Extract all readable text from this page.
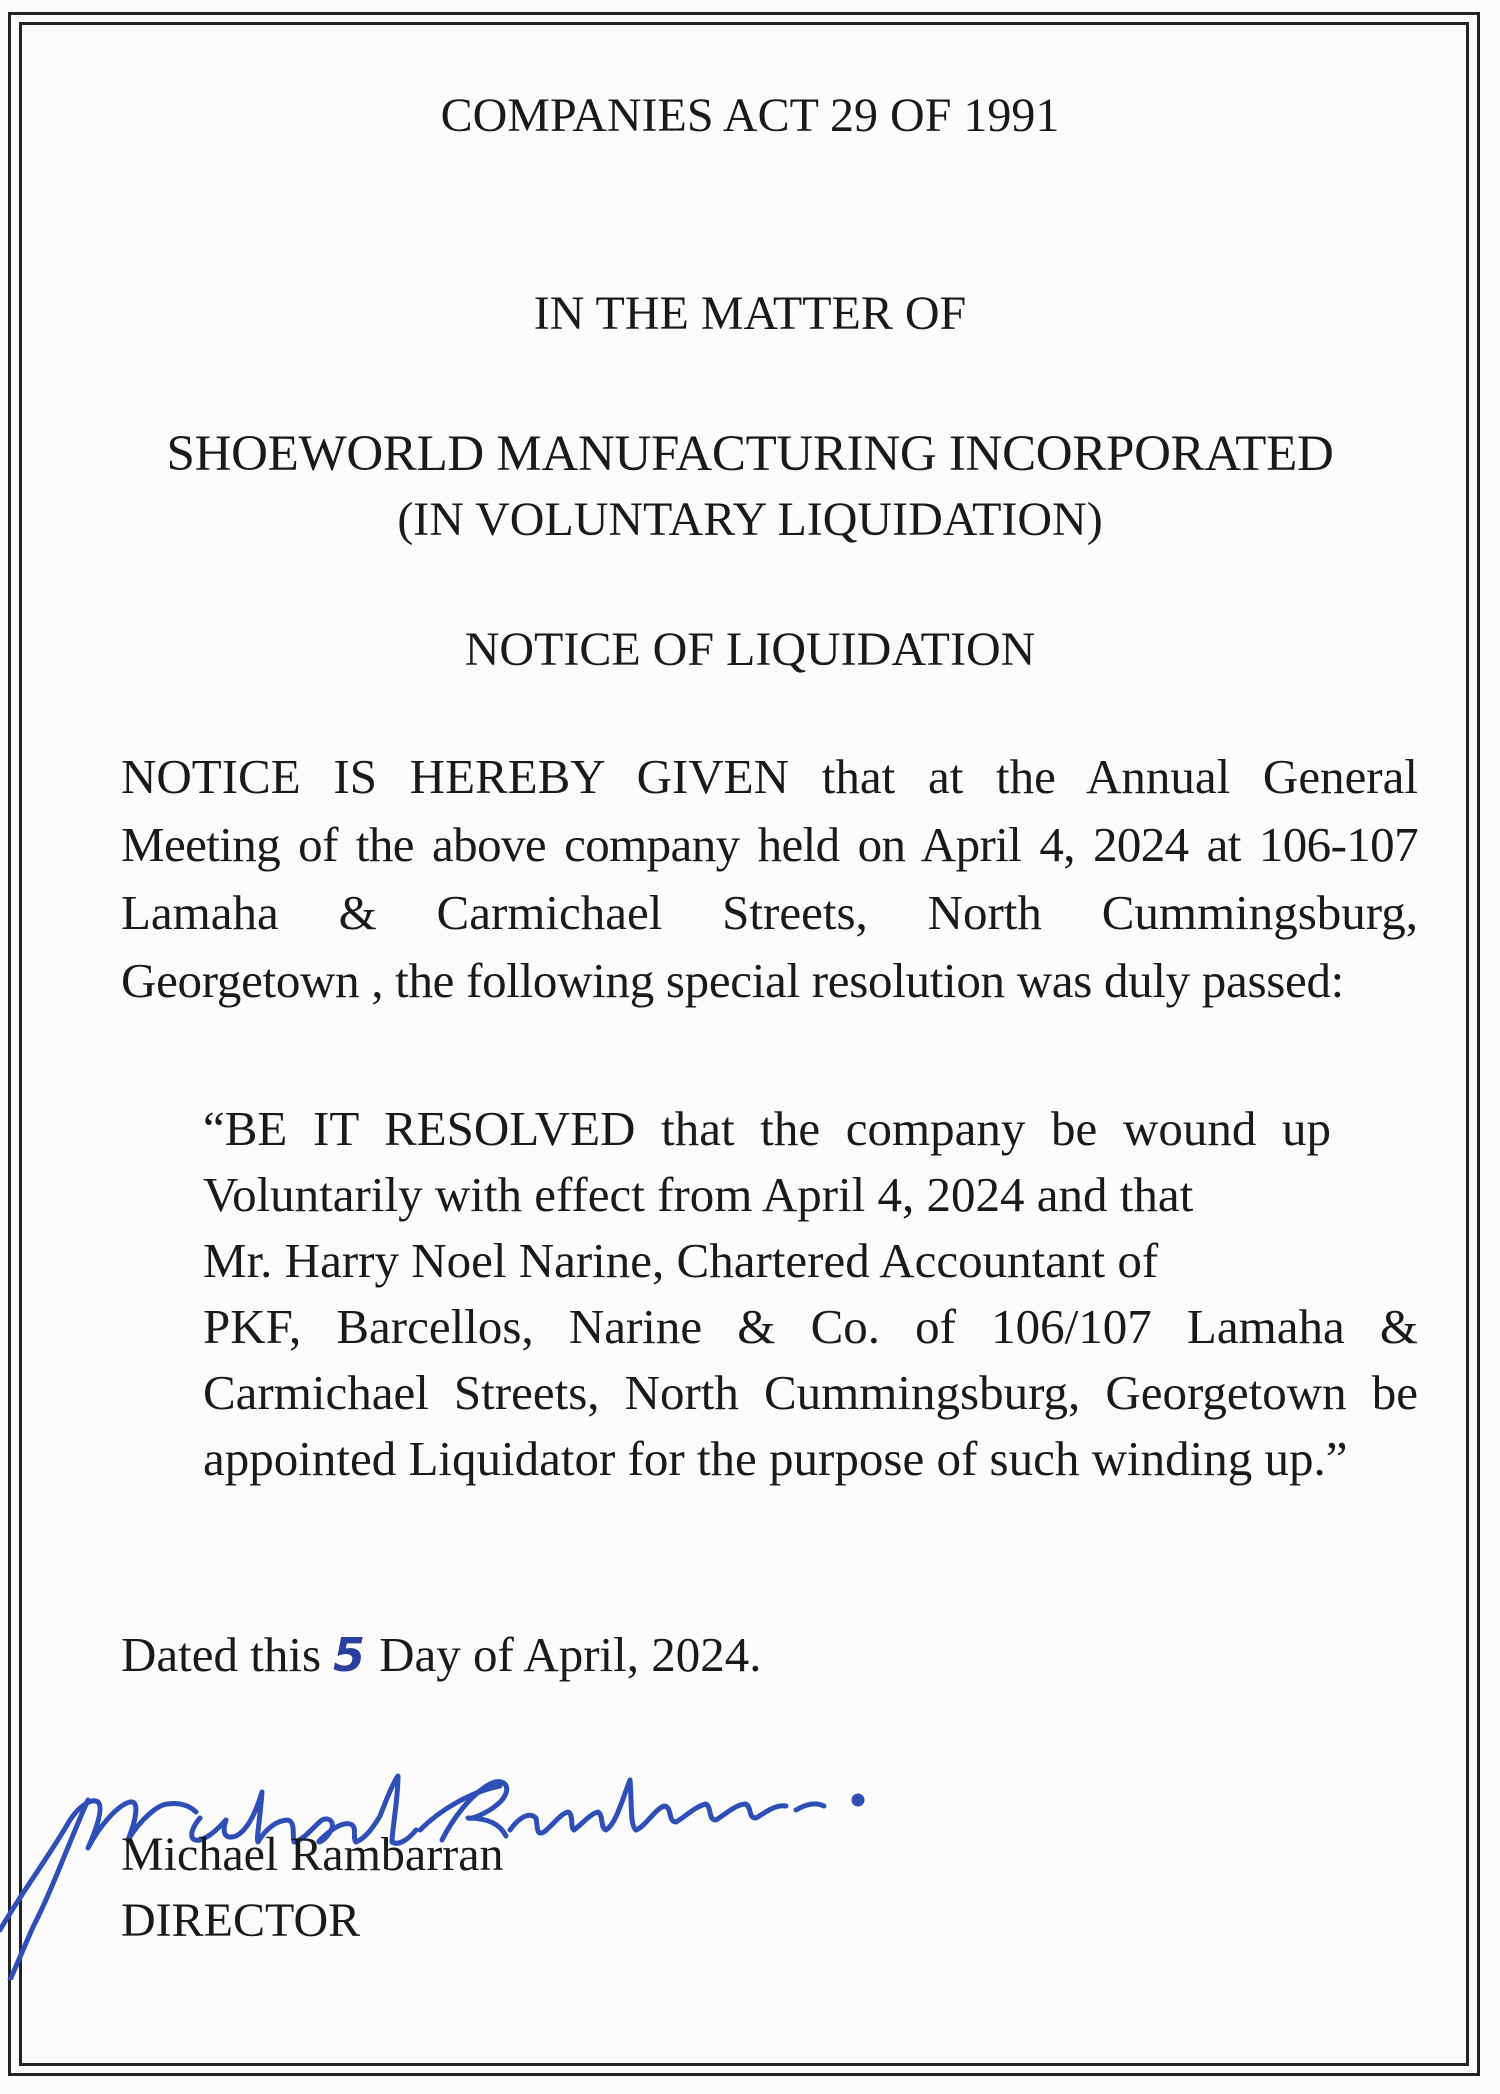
COMPANIES ACT 29 OF 1991
IN THE MATTER OF
SHOEWORLD MANUFACTURING INCORPORATED
(IN VOLUNTARY LIQUIDATION)
NOTICE OF LIQUIDATION
NOTICE IS HEREBY GIVEN that at the Annual General
Meeting of the above company held on April 4, 2024 at 106-107
Lamaha & Carmichael Streets, North Cummingsburg,
Georgetown , the following special resolution was duly passed:
“BE IT RESOLVED that the company be wound up
Voluntarily with effect from April 4, 2024 and that
Mr. Harry Noel Narine, Chartered Accountant of
PKF, Barcellos, Narine & Co. of 106/107 Lamaha &
Carmichael Streets, North Cummingsburg, Georgetown be
appointed Liquidator for the purpose of such winding up.”
Dated this 5 Day of April, 2024.
Michael Rambarran
Michael Rambarran
DIRECTOR
